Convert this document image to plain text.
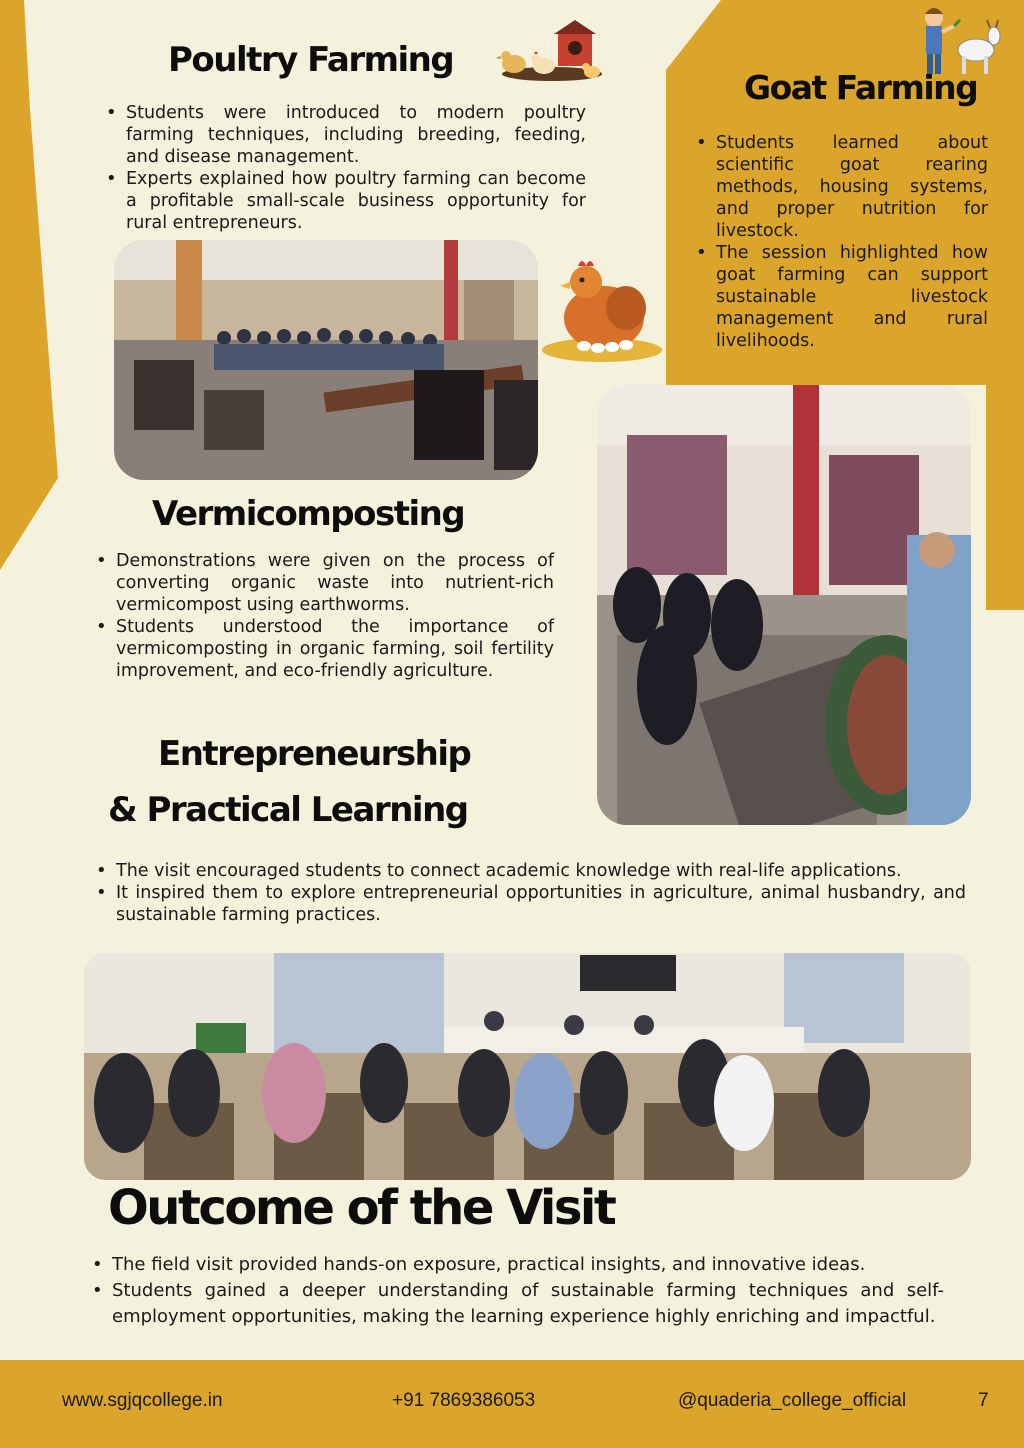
Poultry Farming
• Students were introduced to modern poultry farming techniques, including breeding, feeding, and disease management.
• Experts explained how poultry farming can become a profitable small-scale business opportunity for rural entrepreneurs.
Goat Farming
• Students learned about scientific goat rearing methods, housing systems, and proper nutrition for livestock.
• The session highlighted how goat farming can support sustainable livestock management and rural livelihoods.
Vermicomposting
• Demonstrations were given on the process of converting organic waste into nutrient-rich vermicompost using earthworms.
• Students understood the importance of vermicomposting in organic farming, soil fertility improvement, and eco-friendly agriculture.
Entrepreneurship
& Practical Learning
• The visit encouraged students to connect academic knowledge with real-life applications.
• It inspired them to explore entrepreneurial opportunities in agriculture, animal husbandry, and sustainable farming practices.
Outcome of the Visit
• The field visit provided hands-on exposure, practical insights, and innovative ideas.
• Students gained a deeper understanding of sustainable farming techniques and self-employment opportunities, making the learning experience highly enriching and impactful.
www.sgjqcollege.in	+91 7869386053	@quaderia_college_official	7
